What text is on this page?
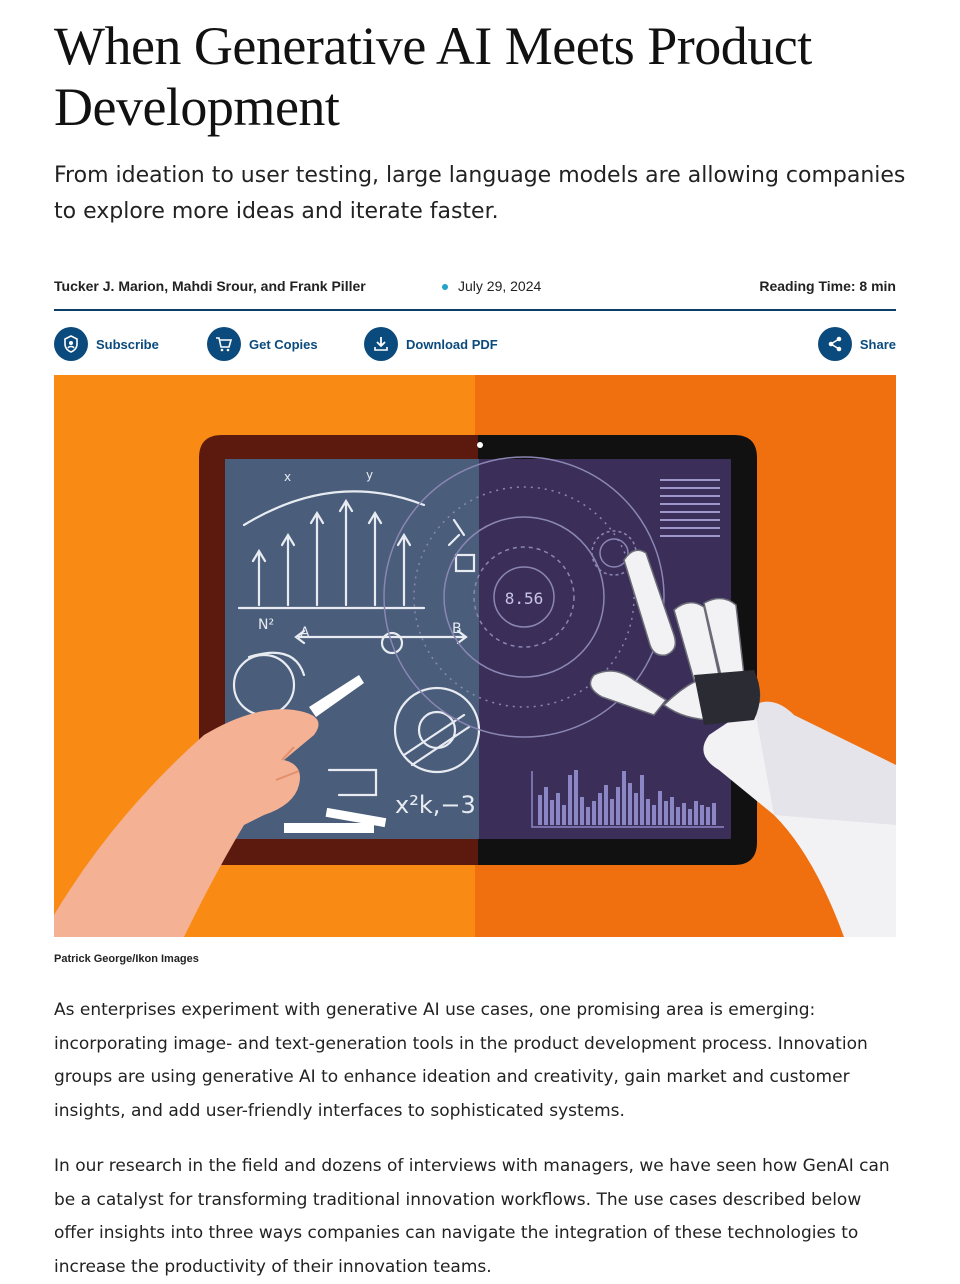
When Generative AI Meets Product Development

From ideation to user testing, large language models are allowing companies to explore more ideas and iterate faster.

Tucker J. Marion, Mahdi Srour, and Frank Piller	July 29, 2024	Reading Time: 8 min
Subscribe	Get Copies	Download PDF	Share
x²k,−3
N² A	B
x	y
8.56
Patrick George/Ikon Images

As enterprises experiment with generative AI use cases, one promising area is emerging: incorporating image- and text-generation tools in the product development process. Innovation groups are using generative AI to enhance ideation and creativity, gain market and customer insights, and add user-friendly interfaces to sophisticated systems.

In our research in the field and dozens of interviews with managers, we have seen how GenAI can be a catalyst for transforming traditional innovation workflows. The use cases described below offer insights into three ways companies can navigate the integration of these technologies to increase the productivity of their innovation teams.
